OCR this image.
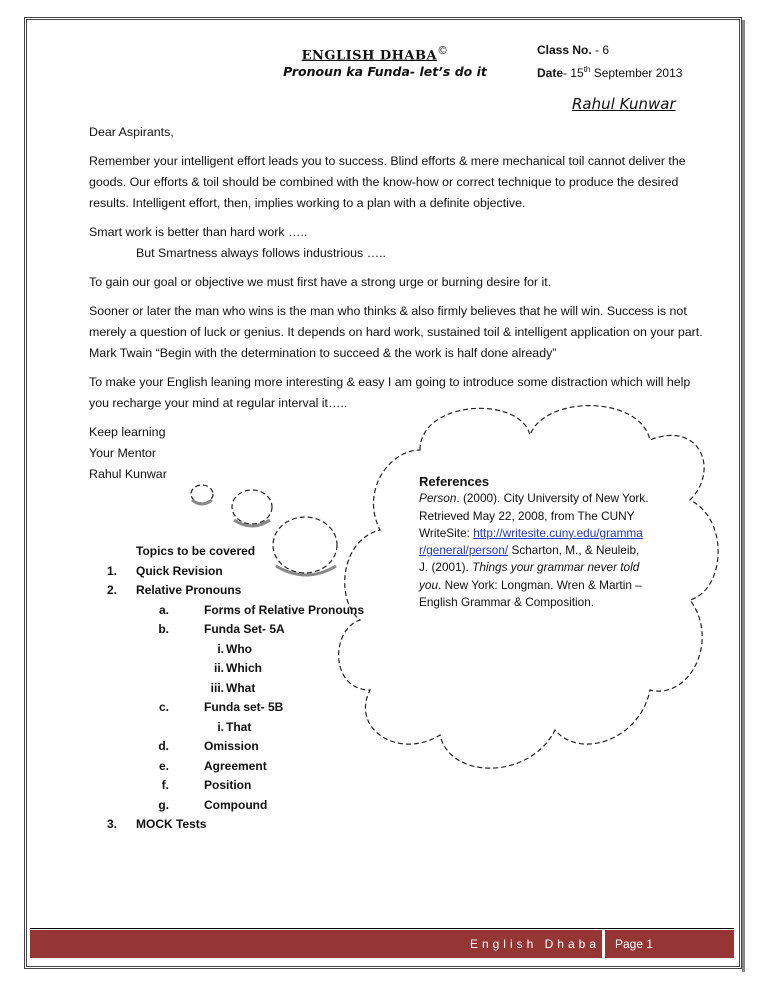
ENGLISH DHABA©
Pronoun ka Funda- let’s do it
Class No. - 6
Date- 15th September 2013
Rahul Kunwar

Dear Aspirants,

Remember your intelligent effort leads you to success. Blind efforts & mere mechanical toil cannot deliver the goods. Our efforts & toil should be combined with the know-how or correct technique to produce the desired results. Intelligent effort, then, implies working to a plan with a definite objective.

Smart work is better than hard work …..

But Smartness always follows industrious …..

To gain our goal or objective we must first have a strong urge or burning desire for it.

Sooner or later the man who wins is the man who thinks & also firmly believes that he will win. Success is not merely a question of luck or genius. It depends on hard work, sustained toil & intelligent application on your part. Mark Twain “Begin with the determination to succeed & the work is half done already”

To make your English leaning more interesting & easy I am going to introduce some distraction which will help you recharge your mind at regular interval it…..

Keep learning
Your Mentor
Rahul Kunwar	References
Person. (2000). City University of New York. Retrieved May 22, 2008, from The CUNY WriteSite: http://writesite.cuny.edu/grammar/general/person/ Scharton, M., & Neuleib, J. (2001). Things your grammar never told you. New York: Longman. Wren & Martin – English Grammar & Composition.
Topics to be covered
1. Quick Revision
2. Relative Pronouns
a.	Forms of Relative Pronouns
b.	Funda Set- 5A
i. Who
ii. Which
iii. What
c.	Funda set- 5B
i. That
d.	Omission
e.	Agreement
f.	Position
g.	Compound
3. MOCK Tests
English Dhaba Page 1
